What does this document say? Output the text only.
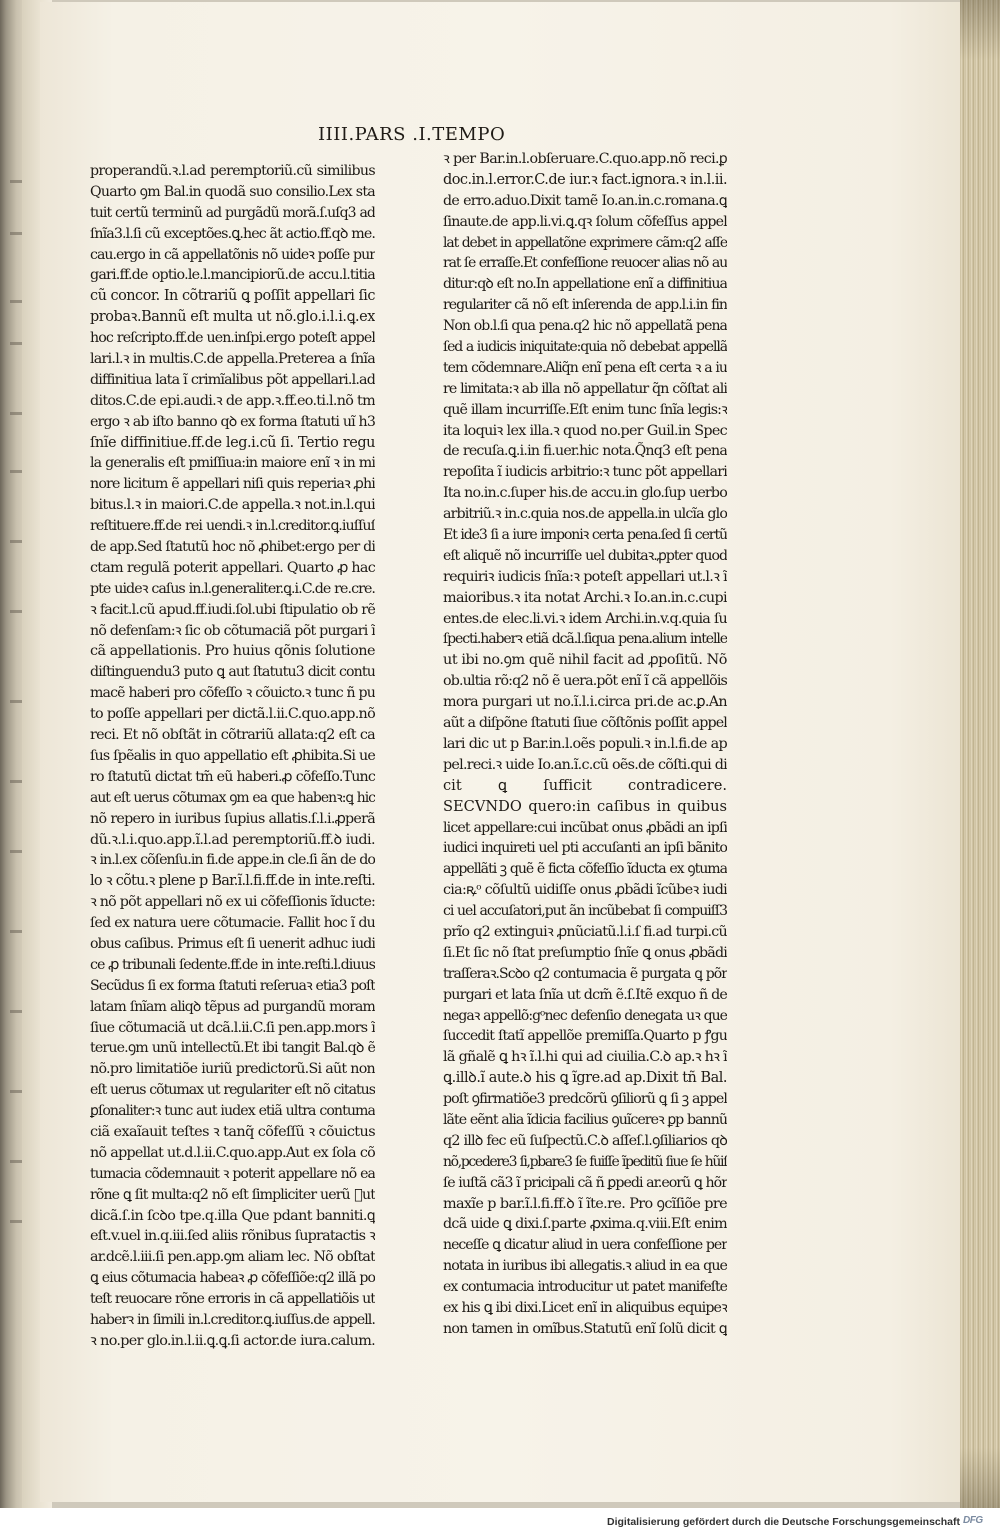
IIII.PARS .I.TEMPO
properandũ.ꝛ.l.ad peremptoriũ.cũ similibus
Quarto ꝯm Bal.in quodã suo consilio.Lex sta
tuit certũ terminũ ad purgãdũ morã.ſ.uſq3 ad
ſnĩa3.l.ſi cũ exceptões.ꝗ.hec ãt actio.ff.qꝺ me.
cau.ergo in cã appellatõnis nõ uideꝛ poſſe pur
gari.ff.de optio.le.l.mancipiorũ.de accu.l.titia
cũ concor. In cõtrariũ ꝗ poſſit appellari ſic
probaꝛ.Bannũ eſt multa ut nõ.glo.i.l.i.ꝗ.ex
hoc reſcripto.ff.de uen.inſpi.ergo poteſt appel
lari.l.ꝛ in multis.C.de appella.Preterea a ſnĩa
diffinitiua lata ĩ crimĩalibus põt appellari.l.ad
ditos.C.de epi.audi.ꝛ de app.ꝛ.ff.eo.ti.l.nõ tm
ergo ꝛ ab iſto banno qꝺ ex forma ſtatuti uĩ h3
ſnĩe diffinitiue.ff.de leg.i.cũ ſi. Tertio regu
la generalis eſt pmiſſiua:in maiore enĩ ꝛ in mi
nore licitum ẽ appellari niſi quis reperiaꝛ ꝓhi
bitus.l.ꝛ in maiori.C.de appella.ꝛ not.in.l.qui
reſtituere.ff.de rei uendi.ꝛ in.l.creditor.ꝗ.iuſſuſ
de app.Sed ſtatutũ hoc nõ ꝓhibet:ergo per di
ctam regulã poterit appellari. Quarto ꝓ hac
pte uideꝛ caſus in.l.generaliter.ꝗ.i.C.de re.cre.
ꝛ facit.l.cũ apud.ff.iudi.ſol.ubi ſtipulatio ob rẽ
nõ defenſam:ꝛ ſic ob cõtumaciã põt purgari ĩ
cã appellationis. Pro huius qõnis ſolutione
diſtinguendu3 puto ꝗ aut ſtatutu3 dicit contu
macẽ haberi pro cõfeſſo ꝛ cõuicto.ꝛ tunc ñ pu
to poſſe appellari per dictã.l.ii.C.quo.app.nõ
reci. Et nõ obſtãt in cõtrariũ allata:q2 eſt ca
ſus ſpẽalis in quo appellatio eſt ꝓhibita.Si ue
ro ſtatutũ dictat tm̃ eũ haberi.ꝓ cõfeſſo.Tunc
aut eſt uerus cõtumax ꝯm ea que habenꝛ:ꝗ hic
nõ repero in iuribus ſupius allatis.ſ.l.i.ꝓperã
dũ.ꝛ.l.i.quo.app.ĩ.l.ad peremptoriũ.ff.ꝺ iudi.
ꝛ in.l.ex cõſenſu.in fi.de appe.in cle.ſi ãn de do
lo ꝛ cõtu.ꝛ plene p Bar.ĩ.l.fi.ff.de in inte.reſti.
ꝛ nõ põt appellari nõ ex ui cõfeſſionis ĩducte:
ſed ex natura uere cõtumacie. Fallit hoc ĩ du
obus caſibus. Primus eſt ſi uenerit adhuc iudi
ce ꝓ tribunali ſedente.ff.de in inte.reſti.l.diuus
Secũdus ſi ex forma ſtatuti reſeruaꝛ etia3 poſt
latam ſnĩam aliqꝺ tẽpus ad purgandũ moram
ſiue cõtumaciã ut dcã.l.ii.C.ſi pen.app.mors ĩ
terue.ꝯm unũ intellectũ.Et ibi tangit Bal.qꝺ ẽ
nõ.pro limitatiõe iuriũ predictorũ.Si aũt non
eſt uerus cõtumax ut regulariter eſt nõ citatus
ꝑſonaliter:ꝛ tunc aut iudex etiã ultra contuma
ciã exaĩauit teſtes ꝛ tanq̃ cõfeſſũ ꝛ cõuictus
nõ appellat ut.d.l.ii.C.quo.app.Aut ex ſola cõ
tumacia cõdemnauit ꝛ poterit appellare nõ ea
rõne ꝗ ſit multa:q2 nõ eſt ſimpliciter uerũ ᷓut
dicã.ſ.in ſcꝺo tpe.q.illa Que pdant banniti.ꝗ
eſt.v.uel in.q.iii.ſed aliis rõnibus ſupratactis ꝛ
ar.dcẽ.l.iii.ſi pen.app.ꝯm aliam lec. Nõ obſtat
ꝗ eius cõtumacia habeaꝛ ꝓ cõfeſſiõe:q2 illã po
teſt reuocare rõne erroris in cã appellatiõis ut
haberꝛ in ſimili in.l.creditor.ꝗ.iuſſus.de appell.
ꝛ no.per glo.in.l.ii.ꝗ.ꝗ.ſi actor.de iura.calum.
ꝛ per Bar.in.l.obſeruare.C.quo.app.nõ reci.ꝑ
doc.in.l.error.C.de iur.ꝛ fact.ignora.ꝛ in.l.ii.
de erro.aduo.Dixit tamẽ Io.an.in.c.romana.ꝗ
ſinaute.de app.li.vi.ꝗ.qꝛ ſolum cõfeſſus appel
lat debet in appellatõne exprimere cãm:q2 aſſe
rat ſe erraſſe.Et confeſſione reuocer alias nõ au
ditur:qꝺ eſt no.In appellatione enĩ a diffinitiua
regulariter cã nõ eſt inſerenda de app.l.i.in fin
Non ob.l.ſi qua pena.q2 hic nõ appellatã pena
ſed a iudicis iniquitate:quia nõ debebat appellã
tem cõdemnare.Aliq̃n enĩ pena eſt certa ꝛ a iu
re limitata:ꝛ ab illa nõ appellatur q̃n cõſtat ali
quẽ illam incurriſſe.Eſt enim tunc ſnĩa legis:ꝛ
ita loquiꝛ lex illa.ꝛ quod no.per Guil.in Spec
de recuſa.ꝗ.i.in fi.uer.hic nota.Q̃nq3 eſt pena
repoſita ĩ iudicis arbitrio:ꝛ tunc põt appellari
Ita no.in.c.ſuper his.de accu.in glo.ſup uerbo
arbitriũ.ꝛ in.c.quia nos.de appella.in ulcĩa glo
Et ide3 ſi a iure imponiꝛ certa pena.ſed ſi certũ
eſt aliquẽ nõ incurriſſe uel dubitaꝛ.ꝓpter quod
requiriꝛ iudicis ſnĩa:ꝛ poteſt appellari ut.l.ꝛ ĩ
maioribus.ꝛ ita notat Archi.ꝛ Io.an.in.c.cupi
entes.de elec.li.vi.ꝛ idem Archi.in.v.q.quia ſu
ſpecti.haberꝛ etiã dcã.l.ſiqua pena.alium intelle
ut ibi no.ꝯm quẽ nihil facit ad ꝓpoſitũ. Nõ
ob.ultia rõ:q2 nõ ẽ uera.põt enĩ ĩ cã appellõis
mora purgari ut no.ĩ.l.i.circa pri.de ac.ꝑ.An
aũt a diſpõne ſtatuti ſiue cõſtõnis poſſit appel
lari dic ut p Bar.in.l.oẽs populi.ꝛ in.l.fi.de ap
pel.reci.ꝛ uide Io.an.ĩ.c.cũ oẽs.de cõſti.qui di
cit ꝗ ſufficit contradicere.
SECVNDO quero:in caſibus in quibus
licet appellare:cui incũbat onus ꝓbãdi an ipſi
iudici inquireti uel pti accuſanti an ipſi bãnito
appellãti ꝫ quẽ ẽ ficta cõfeſſio ĩducta ex ꝯtuma
cia:ꝶᵒ cõſultũ uidiſſe onus ꝓbãdi ĩcũbeꝛ iudi
ci uel accuſatori,put ãn incũbebat ſi compuiſſ3
prĩo q2 extinguiꝛ ꝓnũciatũ.l.i.ſ fi.ad turpi.cũ
ſi.Et ſic nõ ſtat preſumptio ſnĩe ꝗ onus ꝓbãdi
traſſeraꝛ.Scꝺo q2 contumacia ẽ purgata ꝗ põr
purgari et lata ſnĩa ut dcm̃ ẽ.ſ.Itẽ exquo ñ de
negaꝛ appellõ:gᵒnec defenſio denegata uꝛ que
ſuccedit ſtatĩ appellõe premiſſa.Quarto p ꝭgu
lã gñalẽ ꝗ hꝛ ĩ.l.hi qui ad ciuilia.C.ꝺ ap.ꝛ hꝛ ĩ
ꝗ.illꝺ.ĩ aute.ꝺ his ꝗ ĩgre.ad ap.Dixit tñ Bal.
poſt ꝯfirmatiõe3 predcõrũ ꝯſiliorũ ꝗ ſi ꝫ appel
lãte eẽnt alia ĩdicia facilius ꝯuĩcereꝛ ꝑp bannũ
q2 illꝺ fec eũ ſuſpectũ.C.ꝺ aſſeſ.l.ꝯſiliarios qꝺ
nõ,pcedere3 ſi,pbare3 ſe fuiſſe ĩpeditũ ſiue ſe hũiſ
ſe iuſtã cã3 ĩ pricipali cã ñ ꝑpedi ar.eorũ ꝗ hõr
maxĩe p bar.ĩ.l.fi.ff.ꝺ ĩ ĩte.re. Pro ꝯcĩſiõe pre
dcã uide ꝗ dixi.ſ.parte ꝓxima.q.viii.Eſt enim
neceſſe ꝗ dicatur aliud in uera confeſſione per
notata in iuribus ibi allegatis.ꝛ aliud in ea que
ex contumacia introducitur ut patet manifeſte
ex his ꝗ ibi dixi.Licet enĩ in aliquibus equipeꝛ
non tamen in omĩbus.Statutũ enĩ ſolũ dicit ꝗ
Digitalisierung gefördert durch die Deutsche Forschungsgemeinschaft DFG
